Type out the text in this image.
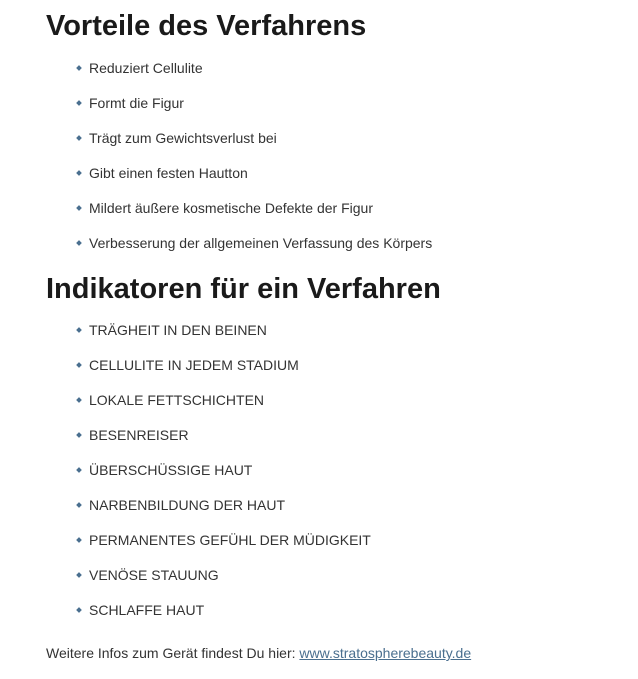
Vorteile des Verfahrens
Reduziert Cellulite
Formt die Figur
Trägt zum Gewichtsverlust bei
Gibt einen festen Hautton
Mildert äußere kosmetische Defekte der Figur
Verbesserung der allgemeinen Verfassung des Körpers
Indikatoren für ein Verfahren
TRÄGHEIT IN DEN BEINEN
CELLULITE IN JEDEM STADIUM
LOKALE FETTSCHICHTEN
BESENREISER
ÜBERSCHÜSSIGE HAUT
NARBENBILDUNG DER HAUT
PERMANENTES GEFÜHL DER MÜDIGKEIT
VENÖSE STAUUNG
SCHLAFFE HAUT

Weitere Infos zum Gerät findest Du hier: www.stratospherebeauty.de
